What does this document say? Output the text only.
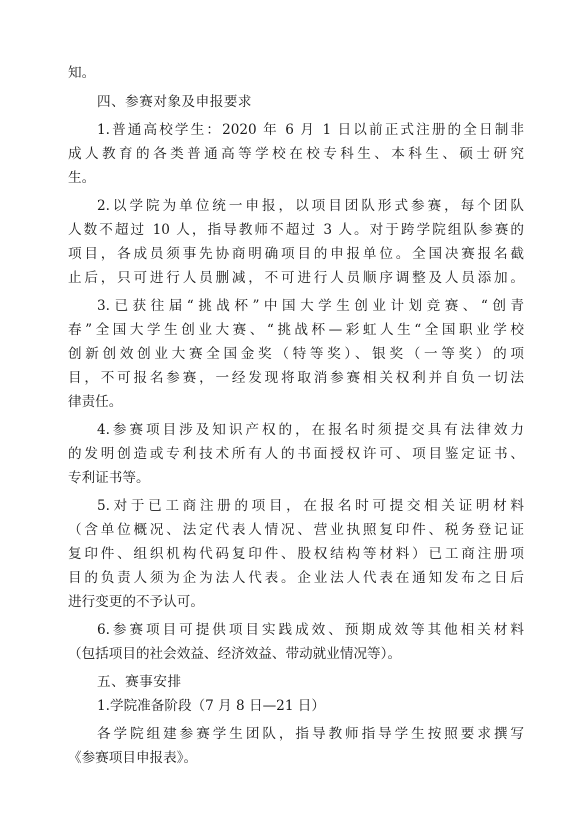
知。
四、参赛对象及申报要求
1.普通高校学生：2020 年 6 月 1 日以前正式注册的全日制非
成人教育的各类普通高等学校在校专科生、本科生、硕士研究
生。
2.以学院为单位统一申报，以项目团队形式参赛，每个团队
人数不超过 10 人，指导教师不超过 3 人。对于跨学院组队参赛的
项目，各成员须事先协商明确项目的申报单位。全国决赛报名截
止后，只可进行人员删减，不可进行人员顺序调整及人员添加。
3.已获往届“挑战杯”中国大学生创业计划竞赛、“创青
春”全国大学生创业大赛、“挑战杯—彩虹人生“全国职业学校
创新创效创业大赛全国金奖（特等奖）、银奖（一等奖）的项
目，不可报名参赛，一经发现将取消参赛相关权利并自负一切法
律责任。
4.参赛项目涉及知识产权的，在报名时须提交具有法律效力
的发明创造或专利技术所有人的书面授权许可、项目鉴定证书、
专利证书等。
5.对于已工商注册的项目，在报名时可提交相关证明材料
（含单位概况、法定代表人情况、营业执照复印件、税务登记证
复印件、组织机构代码复印件、股权结构等材料）已工商注册项
目的负责人须为企为法人代表。企业法人代表在通知发布之日后
进行变更的不予认可。
6.参赛项目可提供项目实践成效、预期成效等其他相关材料
（包括项目的社会效益、经济效益、带动就业情况等）。
五、赛事安排
1.学院准备阶段（7 月 8 日—21 日）
各学院组建参赛学生团队，指导教师指导学生按照要求撰写
《参赛项目申报表》。
